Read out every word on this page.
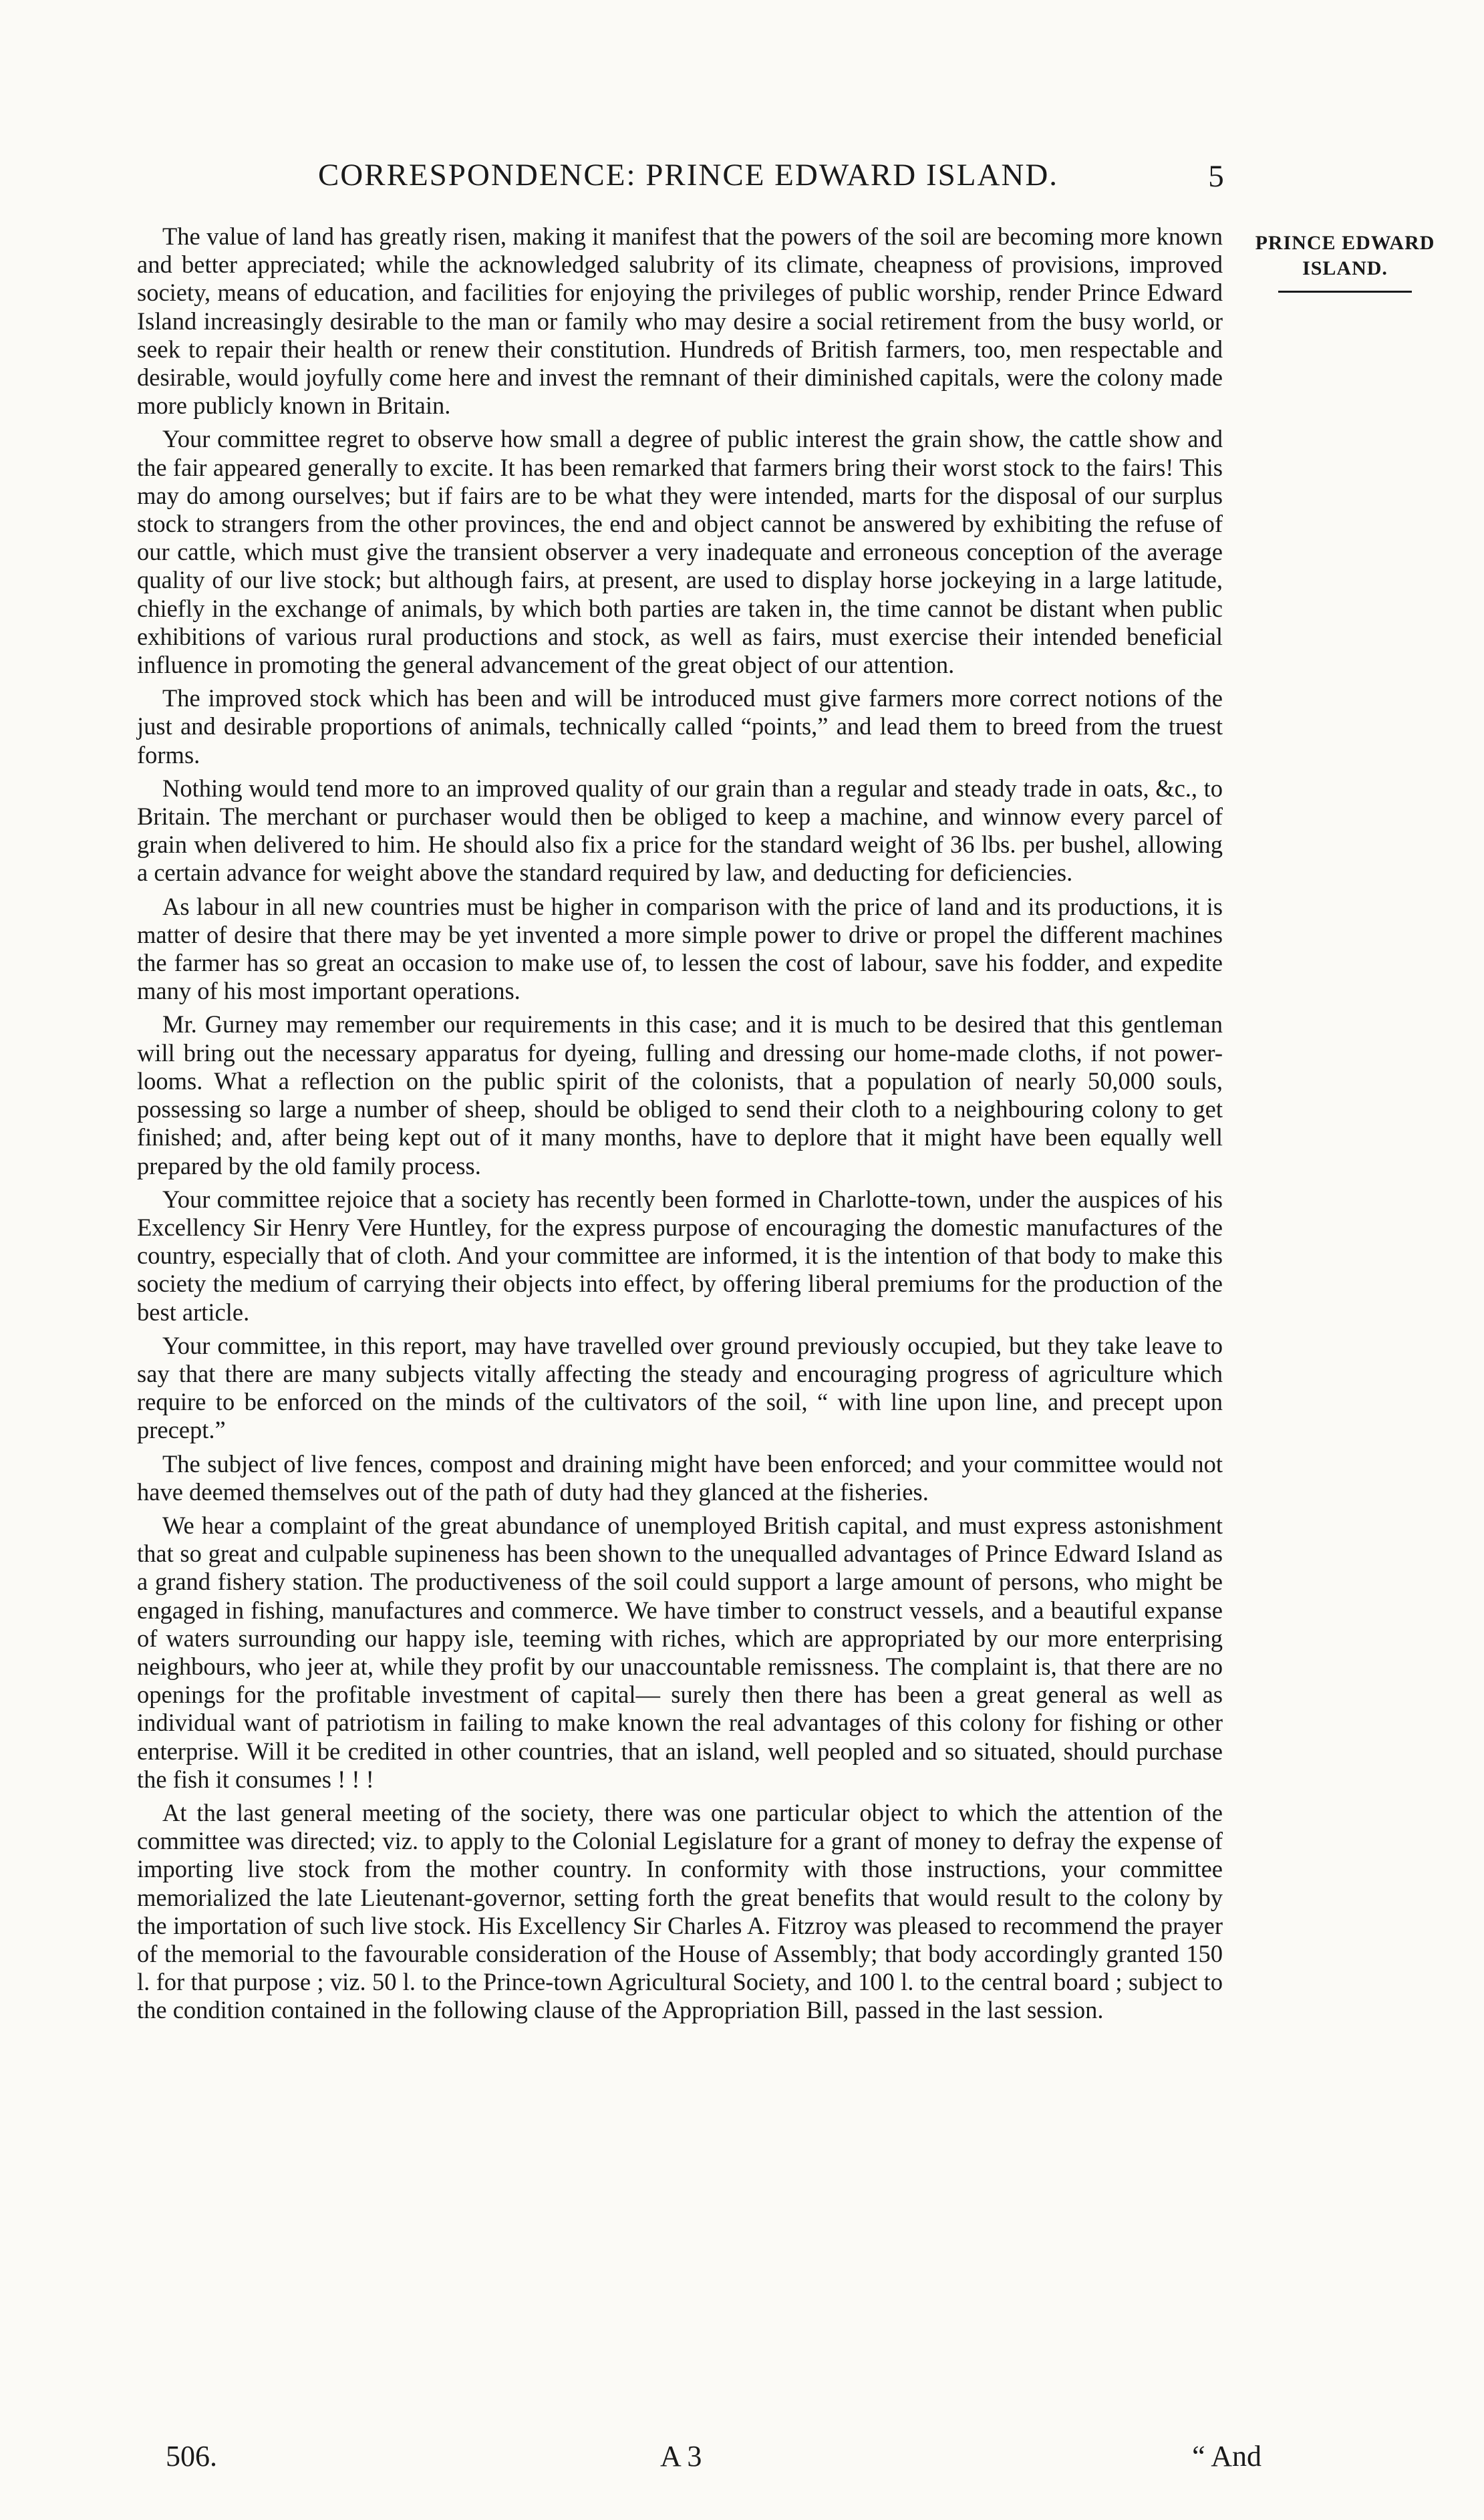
CORRESPONDENCE: PRINCE EDWARD ISLAND.	5
PRINCE EDWARD
ISLAND.

The value of land has greatly risen, making it manifest that the powers of the soil are becoming more known and better appreciated; while the acknowledged salubrity of its climate, cheapness of provisions, improved society, means of education, and facilities for enjoying the privileges of public worship, render Prince Edward Island increasingly desirable to the man or family who may desire a social retirement from the busy world, or seek to repair their health or renew their constitution. Hundreds of British farmers, too, men respectable and desirable, would joyfully come here and invest the remnant of their diminished capitals, were the colony made more publicly known in Britain.

Your committee regret to observe how small a degree of public interest the grain show, the cattle show and the fair appeared generally to excite. It has been remarked that farmers bring their worst stock to the fairs! This may do among ourselves; but if fairs are to be what they were intended, marts for the disposal of our surplus stock to strangers from the other provinces, the end and object cannot be answered by exhibiting the refuse of our cattle, which must give the transient observer a very inadequate and erroneous conception of the average quality of our live stock; but although fairs, at present, are used to display horse jockeying in a large latitude, chiefly in the exchange of animals, by which both parties are taken in, the time cannot be distant when public exhibitions of various rural productions and stock, as well as fairs, must exercise their intended beneficial influence in promoting the general advancement of the great object of our attention.

The improved stock which has been and will be introduced must give farmers more correct notions of the just and desirable proportions of animals, technically called “points,” and lead them to breed from the truest forms.

Nothing would tend more to an improved quality of our grain than a regular and steady trade in oats, &c., to Britain. The merchant or purchaser would then be obliged to keep a machine, and winnow every parcel of grain when delivered to him. He should also fix a price for the standard weight of 36 lbs. per bushel, allowing a certain advance for weight above the standard required by law, and deducting for deficiencies.

As labour in all new countries must be higher in comparison with the price of land and its productions, it is matter of desire that there may be yet invented a more simple power to drive or propel the different machines the farmer has so great an occasion to make use of, to lessen the cost of labour, save his fodder, and expedite many of his most important operations.

Mr. Gurney may remember our requirements in this case; and it is much to be desired that this gentleman will bring out the necessary apparatus for dyeing, fulling and dressing our home-made cloths, if not power-looms. What a reflection on the public spirit of the colonists, that a population of nearly 50,000 souls, possessing so large a number of sheep, should be obliged to send their cloth to a neighbouring colony to get finished; and, after being kept out of it many months, have to deplore that it might have been equally well prepared by the old family process.

Your committee rejoice that a society has recently been formed in Charlotte-town, under the auspices of his Excellency Sir Henry Vere Huntley, for the express purpose of encouraging the domestic manufactures of the country, especially that of cloth. And your committee are informed, it is the intention of that body to make this society the medium of carrying their objects into effect, by offering liberal premiums for the production of the best article.

Your committee, in this report, may have travelled over ground previously occupied, but they take leave to say that there are many subjects vitally affecting the steady and encouraging progress of agriculture which require to be enforced on the minds of the cultivators of the soil, “ with line upon line, and precept upon precept.”

The subject of live fences, compost and draining might have been enforced; and your committee would not have deemed themselves out of the path of duty had they glanced at the fisheries.

We hear a complaint of the great abundance of unemployed British capital, and must express astonishment that so great and culpable supineness has been shown to the unequalled advantages of Prince Edward Island as a grand fishery station. The productiveness of the soil could support a large amount of persons, who might be engaged in fishing, manufactures and commerce. We have timber to construct vessels, and a beautiful expanse of waters surrounding our happy isle, teeming with riches, which are appropriated by our more enterprising neighbours, who jeer at, while they profit by our unaccountable remissness. The complaint is, that there are no openings for the profitable investment of capital— surely then there has been a great general as well as individual want of patriotism in failing to make known the real advantages of this colony for fishing or other enterprise. Will it be credited in other countries, that an island, well peopled and so situated, should purchase the fish it consumes ! ! !

At the last general meeting of the society, there was one particular object to which the attention of the committee was directed; viz. to apply to the Colonial Legislature for a grant of money to defray the expense of importing live stock from the mother country. In conformity with those instructions, your committee memorialized the late Lieutenant-governor, setting forth the great benefits that would result to the colony by the importation of such live stock. His Excellency Sir Charles A. Fitzroy was pleased to recommend the prayer of the memorial to the favourable consideration of the House of Assembly; that body accordingly granted 150 l. for that purpose ; viz. 50 l. to the Prince-town Agricultural Society, and 100 l. to the central board ; subject to the condition contained in the following clause of the Appropriation Bill, passed in the last session.

506.	A 3	“ And
